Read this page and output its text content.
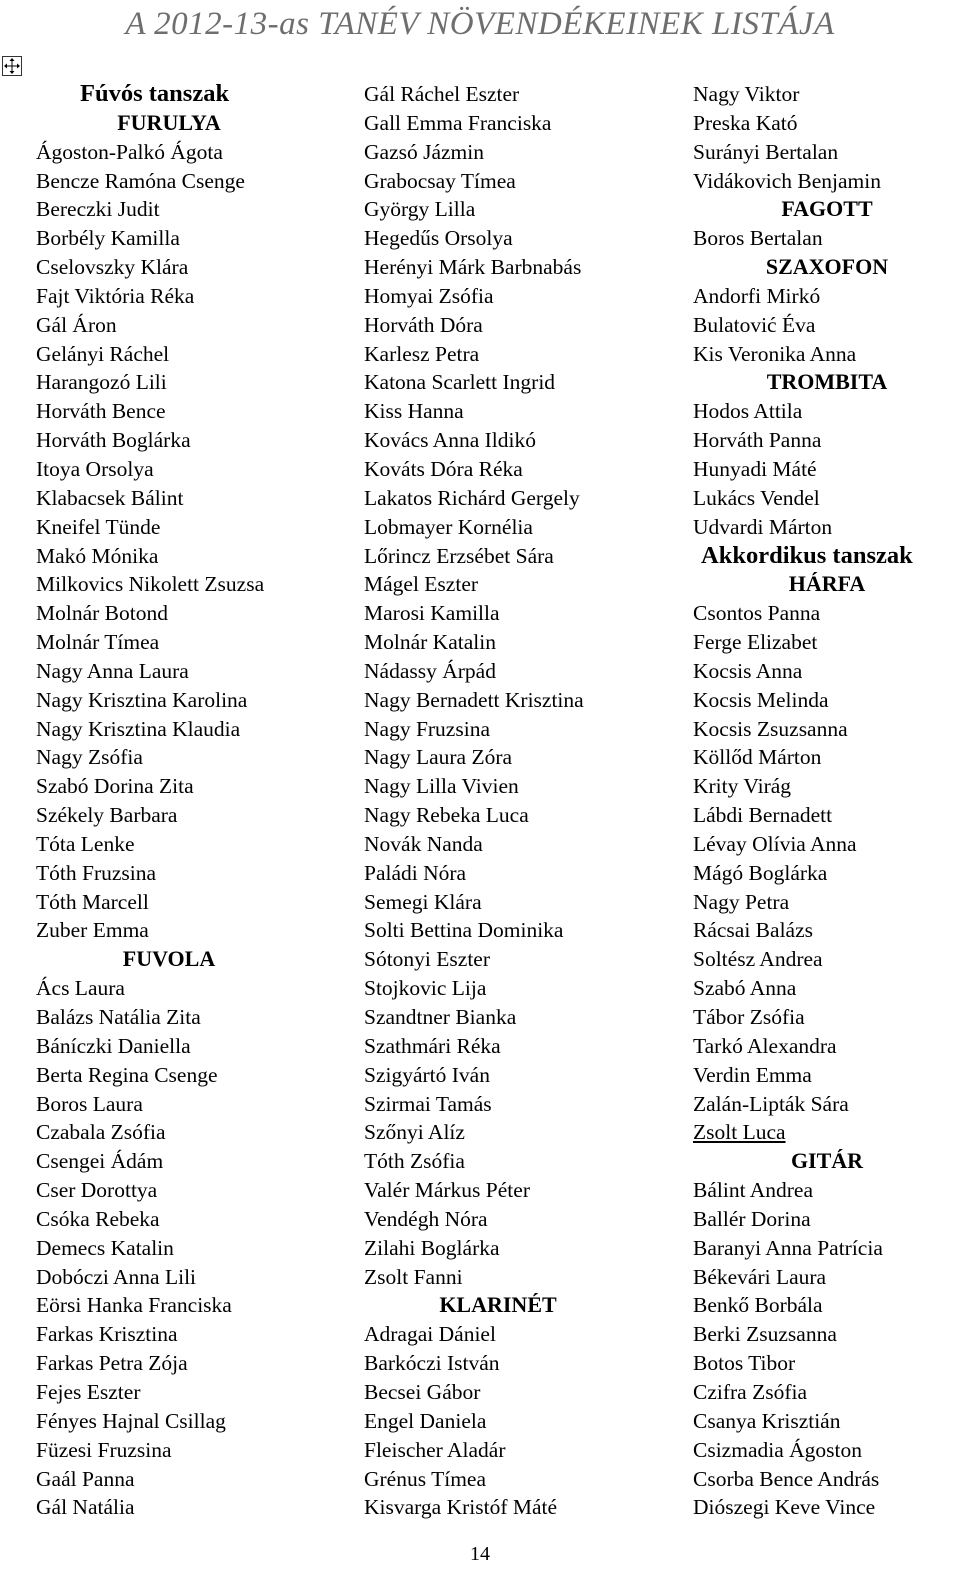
A 2012-13-as TANÉV NÖVENDÉKEINEK LISTÁJA
Fúvós tanszak
FURULYA
Ágoston-Palkó Ágota
Bencze Ramóna Csenge
Bereczki Judit
Borbély Kamilla
Cselovszky Klára
Fajt Viktória Réka
Gál Áron
Gelányi Ráchel
Harangozó Lili
Horváth Bence
Horváth Boglárka
Itoya Orsolya
Klabacsek Bálint
Kneifel Tünde
Makó Mónika
Milkovics Nikolett Zsuzsa
Molnár Botond
Molnár Tímea
Nagy Anna Laura
Nagy Krisztina Karolina
Nagy Krisztina Klaudia
Nagy Zsófia
Szabó Dorina Zita
Székely Barbara
Tóta Lenke
Tóth Fruzsina
Tóth Marcell
Zuber Emma
FUVOLA
Ács Laura
Balázs Natália Zita
Báníczki Daniella
Berta Regina Csenge
Boros Laura
Czabala Zsófia
Csengei Ádám
Cser Dorottya
Csóka Rebeka
Demecs Katalin
Dobóczi Anna Lili
Eörsi Hanka Franciska
Farkas Krisztina
Farkas Petra Zója
Fejes Eszter
Fényes Hajnal Csillag
Füzesi Fruzsina
Gaál Panna
Gál Natália
Gál Ráchel Eszter
Gall Emma Franciska
Gazsó Jázmin
Grabocsay Tímea
György Lilla
Hegedűs Orsolya
Herényi Márk Barbnabás
Homyai Zsófia
Horváth Dóra
Karlesz Petra
Katona Scarlett Ingrid
Kiss Hanna
Kovács Anna Ildikó
Kováts Dóra Réka
Lakatos Richárd Gergely
Lobmayer Kornélia
Lőrincz Erzsébet Sára
Mágel Eszter
Marosi Kamilla
Molnár Katalin
Nádassy Árpád
Nagy Bernadett Krisztina
Nagy Fruzsina
Nagy Laura Zóra
Nagy Lilla Vivien
Nagy Rebeka Luca
Novák Nanda
Paládi Nóra
Semegi Klára
Solti Bettina Dominika
Sótonyi Eszter
Stojkovic Lija
Szandtner Bianka
Szathmári Réka
Szigyártó Iván
Szirmai Tamás
Szőnyi Alíz
Tóth Zsófia
Valér Márkus Péter
Vendégh Nóra
Zilahi Boglárka
Zsolt Fanni
KLARINÉT
Adragai Dániel
Barkóczi István
Becsei Gábor
Engel Daniela
Fleischer Aladár
Grénus Tímea
Kisvarga Kristóf Máté
Nagy Viktor
Preska Kató
Surányi Bertalan
Vidákovich Benjamin
FAGOTT
Boros Bertalan
SZAXOFON
Andorfi Mirkó
Bulatović Éva
Kis Veronika Anna
TROMBITA
Hodos Attila
Horváth Panna
Hunyadi Máté
Lukács Vendel
Udvardi Márton
Akkordikus tanszak
HÁRFA
Csontos Panna
Ferge Elizabet
Kocsis Anna
Kocsis Melinda
Kocsis Zsuzsanna
Köllőd Márton
Krity Virág
Lábdi Bernadett
Lévay Olívia Anna
Mágó Boglárka
Nagy Petra
Rácsai Balázs
Soltész Andrea
Szabó Anna
Tábor Zsófia
Tarkó Alexandra
Verdin Emma
Zalán-Lipták Sára
Zsolt Luca
GITÁR
Bálint Andrea
Ballér Dorina
Baranyi Anna Patrícia
Békevári Laura
Benkő Borbála
Berki Zsuzsanna
Botos Tibor
Czifra Zsófia
Csanya Krisztián
Csizmadia Ágoston
Csorba Bence András
Diószegi Keve Vince
14
